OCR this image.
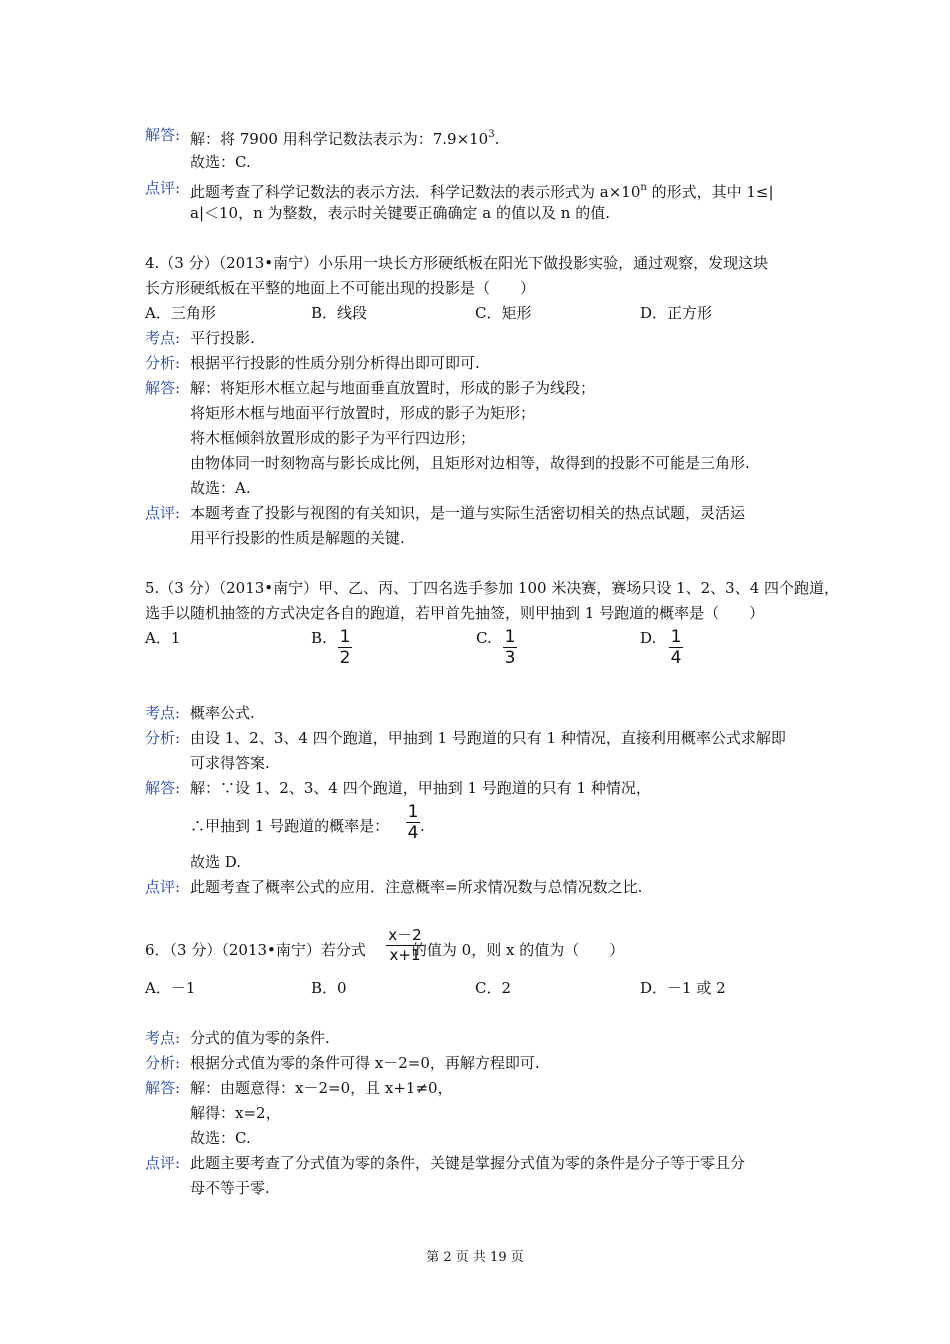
解答: 解：将 7900 用科学记数法表示为：$7.9\times 10^3$.
故选：C.
点评: 此题考查了科学记数法的表示方法．科学记数法的表示形式为 $a\times 10^n$ 的形式，其中 1≤|
a|＜10，n 为整数，表示时关键要正确确定 a 的值以及 n 的值.
4.（3 分）（2013•南宁）小乐用一块长方形硬纸板在阳光下做投影实验，通过观察，发现这块
长方形硬纸板在平整的地面上不可能出现的投影是（　　）
A．三角形	B．线段	C．矩形	D．正方形
考点: 平行投影.
分析: 根据平行投影的性质分别分析得出即可即可.
解答: 解：将矩形木框立起与地面垂直放置时，形成的影子为线段；
将矩形木框与地面平行放置时，形成的影子为矩形；
将木框倾斜放置形成的影子为平行四边形；
由物体同一时刻物高与影长成比例，且矩形对边相等，故得到的投影不可能是三角形.
故选：A.
点评: 本题考查了投影与视图的有关知识，是一道与实际生活密切相关的热点试题，灵活运
用平行投影的性质是解题的关键.
5.（3 分）（2013•南宁）甲、乙、丙、丁四名选手参加 100 米决赛，赛场只设 1、2、3、4 四个跑道，
选手以随机抽签的方式决定各自的跑道，若甲首先抽签，则甲抽到 1 号跑道的概率是（　　）
A．1	B. 1
2
C. 1
3
D. 1
4
考点: 概率公式.
分析: 由设 1、2、3、4 四个跑道，甲抽到 1 号跑道的只有 1 种情况，直接利用概率公式求解即
可求得答案.
解答: 解：∵设 1、2、3、4 四个跑道，甲抽到 1 号跑道的只有 1 种情况，
∴甲抽到 1 号跑道的概率是：
1
4 .
故选 D.
点评: 此题考查了概率公式的应用．注意概率=所求情况数与总情况数之比.
6．（3 分）（2013•南宁）若分式	的值为 0，则 x 的值为（　　）
x－2
x+1
A．－1	B．0	C．2	D．－1 或 2
考点: 分式的值为零的条件.
分析: 根据分式值为零的条件可得 x－2=0，再解方程即可.
解答: 解：由题意得：x－2=0，且 x+1≠0，
解得：x=2，
故选：C.
点评: 此题主要考查了分式值为零的条件，关键是掌握分式值为零的条件是分子等于零且分
母不等于零.
第 2 页 共 19 页
